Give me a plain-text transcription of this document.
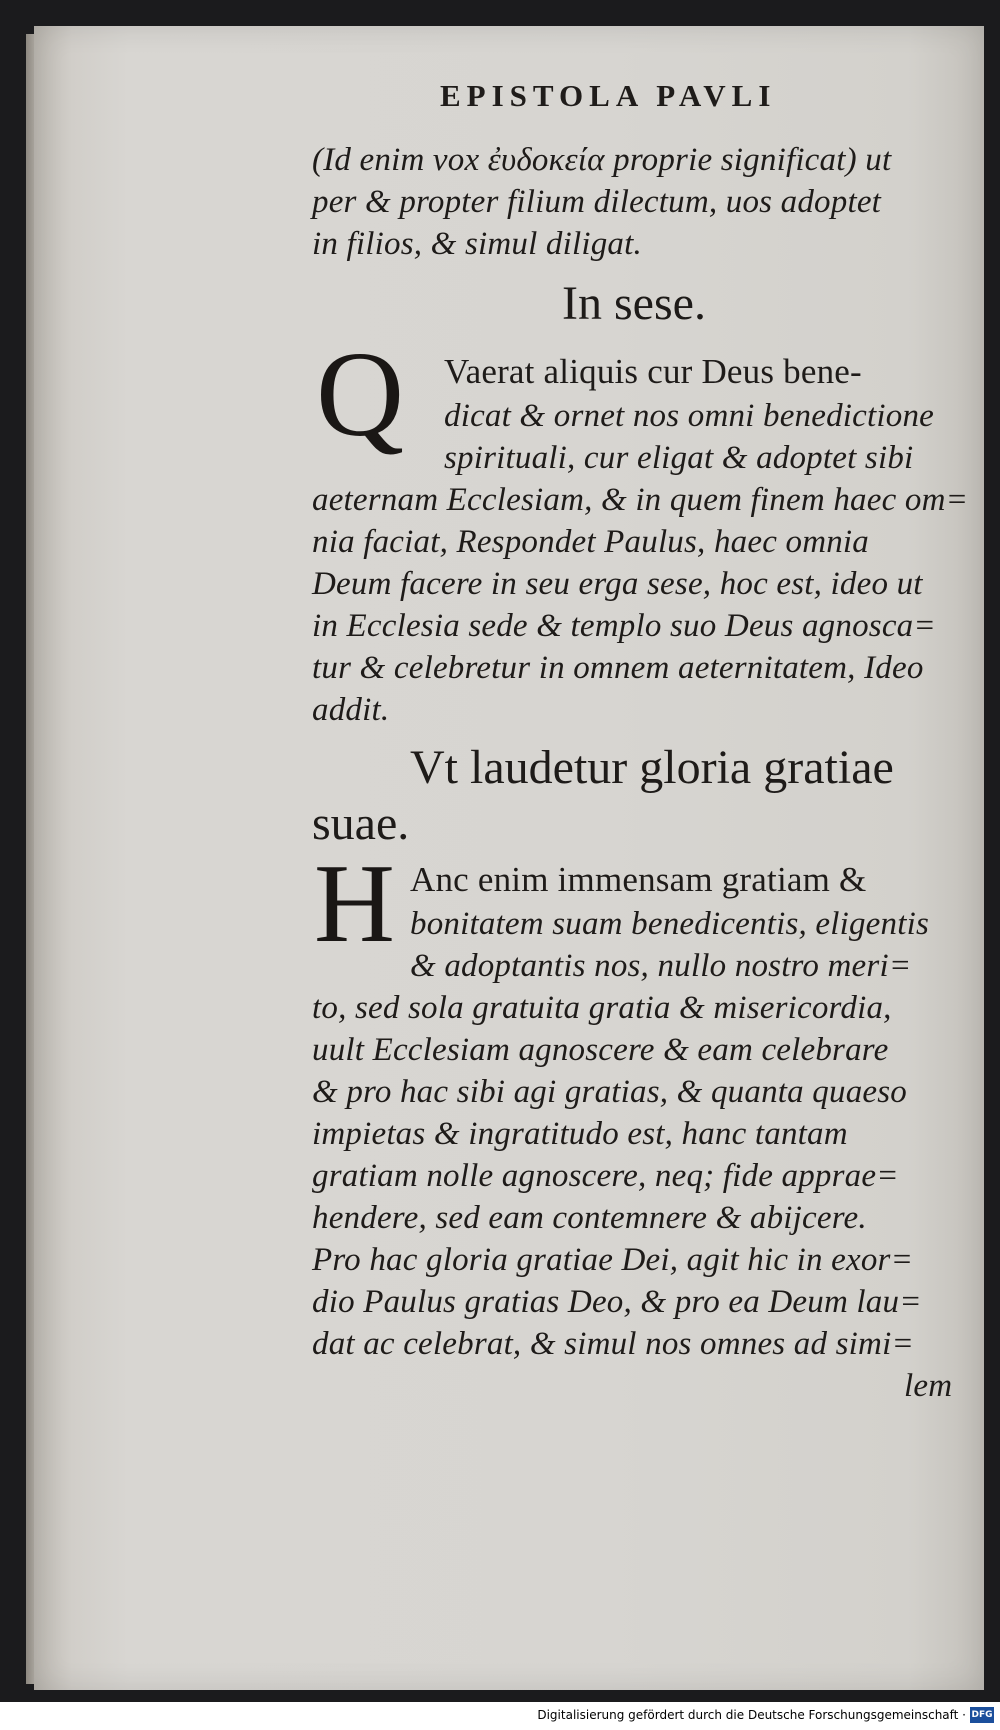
EPISTOLA PAVLI
(Id enim vox ἐυδοκεία proprie significat) ut
per & propter filium dilectum, uos adoptet
in filios, & simul diligat.
In sese.
Q Vaerat aliquis cur Deus bene-
dicat & ornet nos omni benedictione
spirituali, cur eligat & adoptet sibi
aeternam Ecclesiam, & in quem finem haec om=
nia faciat, Respondet Paulus, haec omnia
Deum facere in seu erga sese, hoc est, ideo ut
in Ecclesia sede & templo suo Deus agnosca=
tur & celebretur in omnem aeternitatem, Ideo
addit.
Vt laudetur gloria gratiae
suae.
H Anc enim immensam gratiam &
bonitatem suam benedicentis, eligentis
& adoptantis nos, nullo nostro meri=
to, sed sola gratuita gratia & misericordia,
uult Ecclesiam agnoscere & eam celebrare
& pro hac sibi agi gratias, & quanta quaeso
impietas & ingratitudo est, hanc tantam
gratiam nolle agnoscere, neq; fide apprae=
hendere, sed eam contemnere & abijcere.
Pro hac gloria gratiae Dei, agit hic in exor=
dio Paulus gratias Deo, & pro ea Deum lau=
dat ac celebrat, & simul nos omnes ad simi=
lem
Digitalisierung gefördert durch die Deutsche Forschungsgemeinschaft · DFG
